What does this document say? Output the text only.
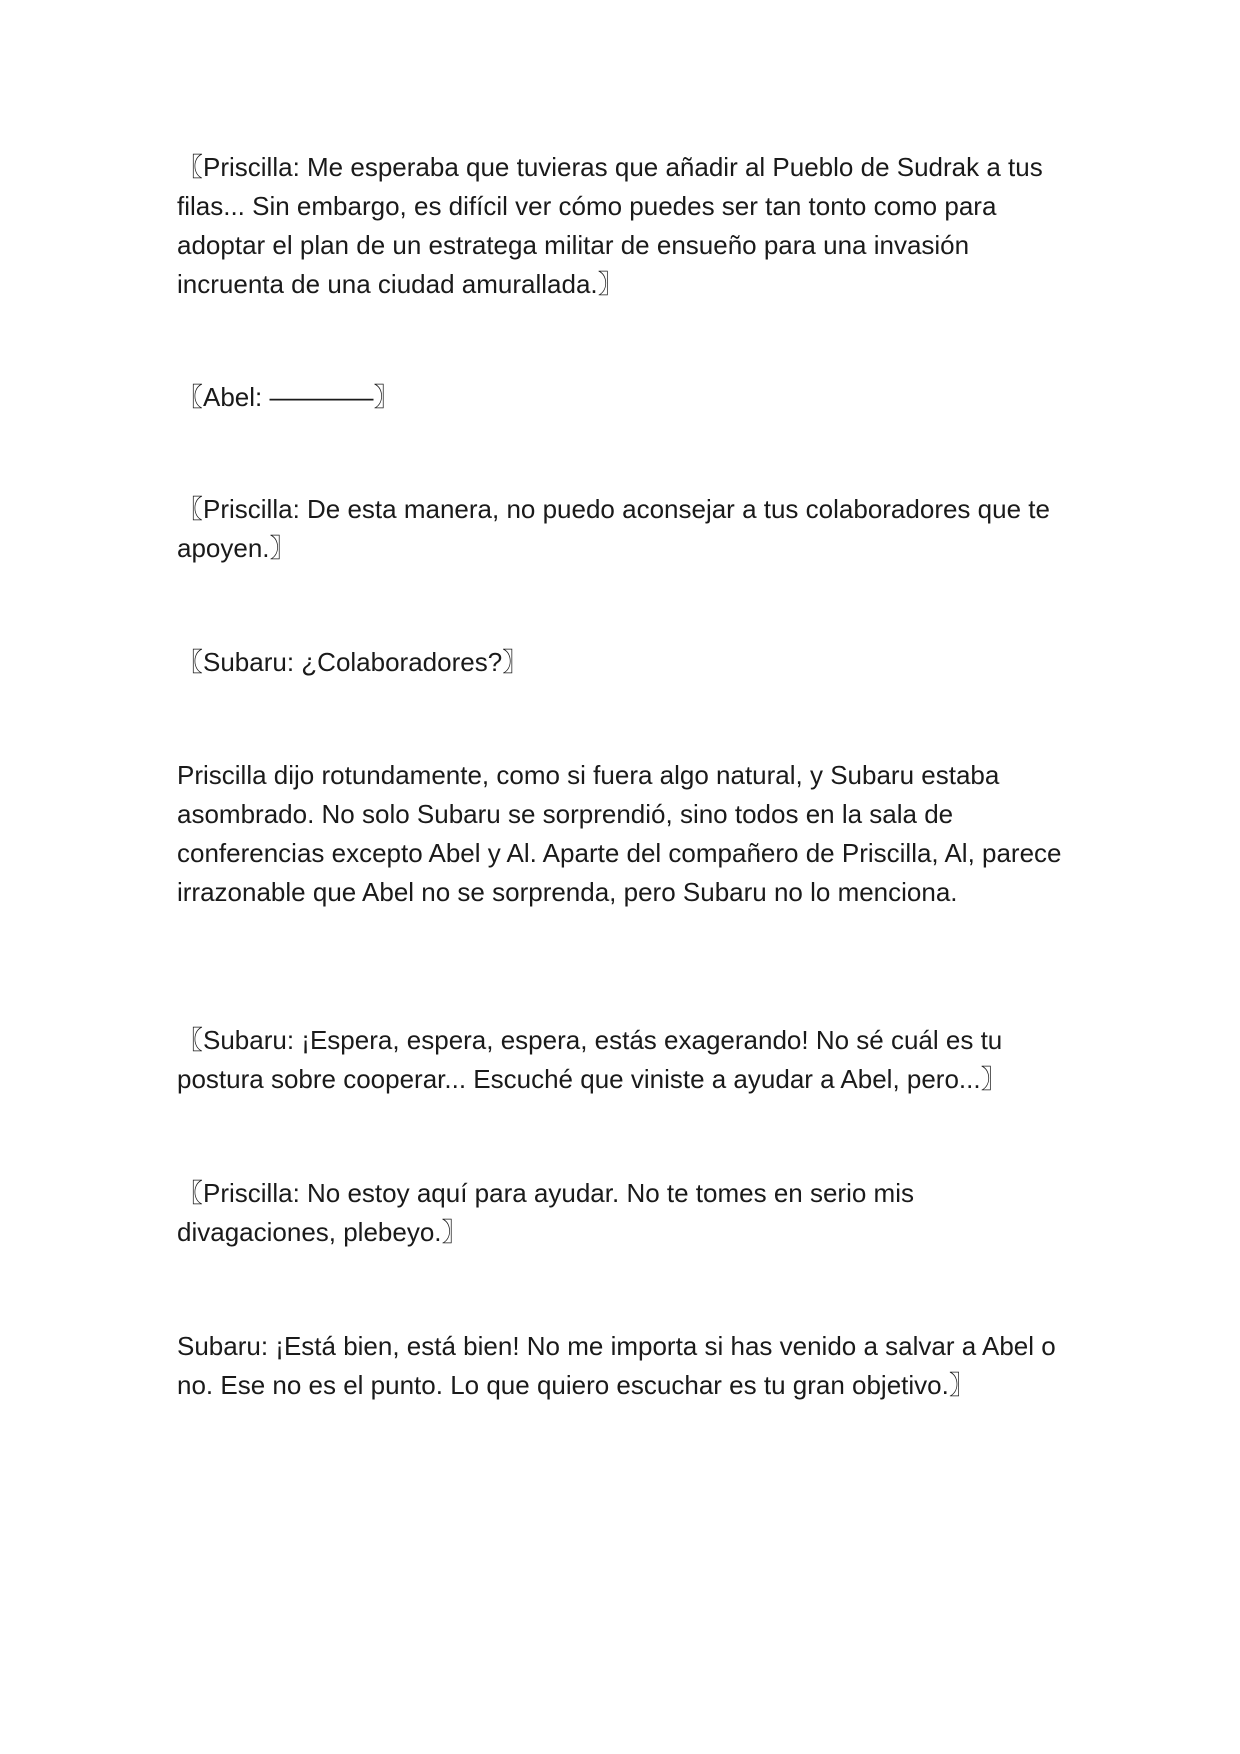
〖Priscilla: Me esperaba que tuvieras que añadir al Pueblo de Sudrak a tus filas... Sin embargo, es difícil ver cómo puedes ser tan tonto como para adoptar el plan de un estratega militar de ensueño para una invasión incruenta de una ciudad amurallada.〗

〖Abel: ————〗

〖Priscilla: De esta manera, no puedo aconsejar a tus colaboradores que te apoyen.〗

〖Subaru: ¿Colaboradores?〗

Priscilla dijo rotundamente, como si fuera algo natural, y Subaru estaba asombrado. No solo Subaru se sorprendió, sino todos en la sala de conferencias excepto Abel y Al. Aparte del compañero de Priscilla, Al, parece irrazonable que Abel no se sorprenda, pero Subaru no lo menciona.

〖Subaru: ¡Espera, espera, espera, estás exagerando! No sé cuál es tu postura sobre cooperar... Escuché que viniste a ayudar a Abel, pero...〗

〖Priscilla: No estoy aquí para ayudar. No te tomes en serio mis divagaciones, plebeyo.〗

Subaru: ¡Está bien, está bien! No me importa si has venido a salvar a Abel o no. Ese no es el punto. Lo que quiero escuchar es tu gran objetivo.〗
